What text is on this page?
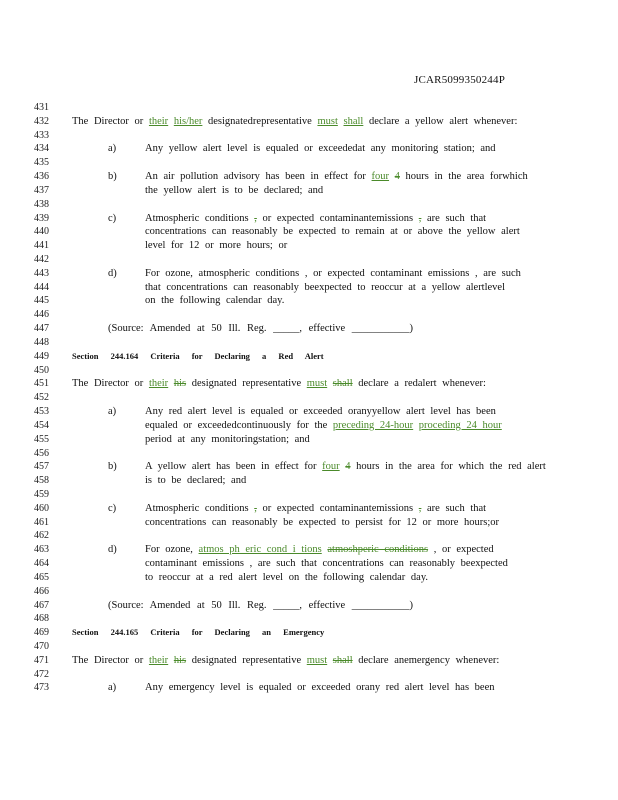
JCAR5099350244P
431
432	The Director or their his/her designatedrepresentative must shall declare a yellow alert whenever:
433
434	a)	Any yellow alert level is equaled or exceededat any monitoring station; and
435
436	b)	An air pollution advisory has been in effect for four 4 hours in the area forwhich
437	the yellow alert is to be declared; and
438
439	c)	Atmospheric conditions , or expected contaminantemissions , are such that
440	concentrations can reasonably be expected to remain at or above the yellow alert
441	level for 12 or more hours; or
442
443	d)	For ozone, atmospheric conditions , or expected contaminant emissions , are such
444	that concentrations can reasonably beexpected to reoccur at a yellow alertlevel
445	on the following calendar day.
446
447	(Source: Amended at 50 Ill. Reg. _____, effective ___________)
448
449	Section 244.164 Criteria for Declaring a Red Alert
450
451	The Director or their his designated representative must shall declare a redalert whenever:
452
453	a)	Any red alert level is equaled or exceeded oranyyellow alert level has been
454	equaled or exceededcontinuously for the preceding 24-hour proceding 24 hour
455	period at any monitoringstation; and
456
457	b)	A yellow alert has been in effect for four 4 hours in the area for which the red alert
458	is to be declared; and
459
460	c)	Atmospheric conditions , or expected contaminantemissions , are such that
461	concentrations can reasonably be expected to persist for 12 or more hours;or
462
463	d)	For ozone, atmos ph eric cond i tions atmoshperic conditions , or expected
464	contaminant emissions , are such that concentrations can reasonably beexpected
465	to reoccur at a red alert level on the following calendar day.
466
467	(Source: Amended at 50 Ill. Reg. _____, effective ___________)
468
469	Section 244.165 Criteria for Declaring an Emergency
470
471	The Director or their his designated representative must shall declare anemergency whenever:
472
473	a)	Any emergency level is equaled or exceeded orany red alert level has been
